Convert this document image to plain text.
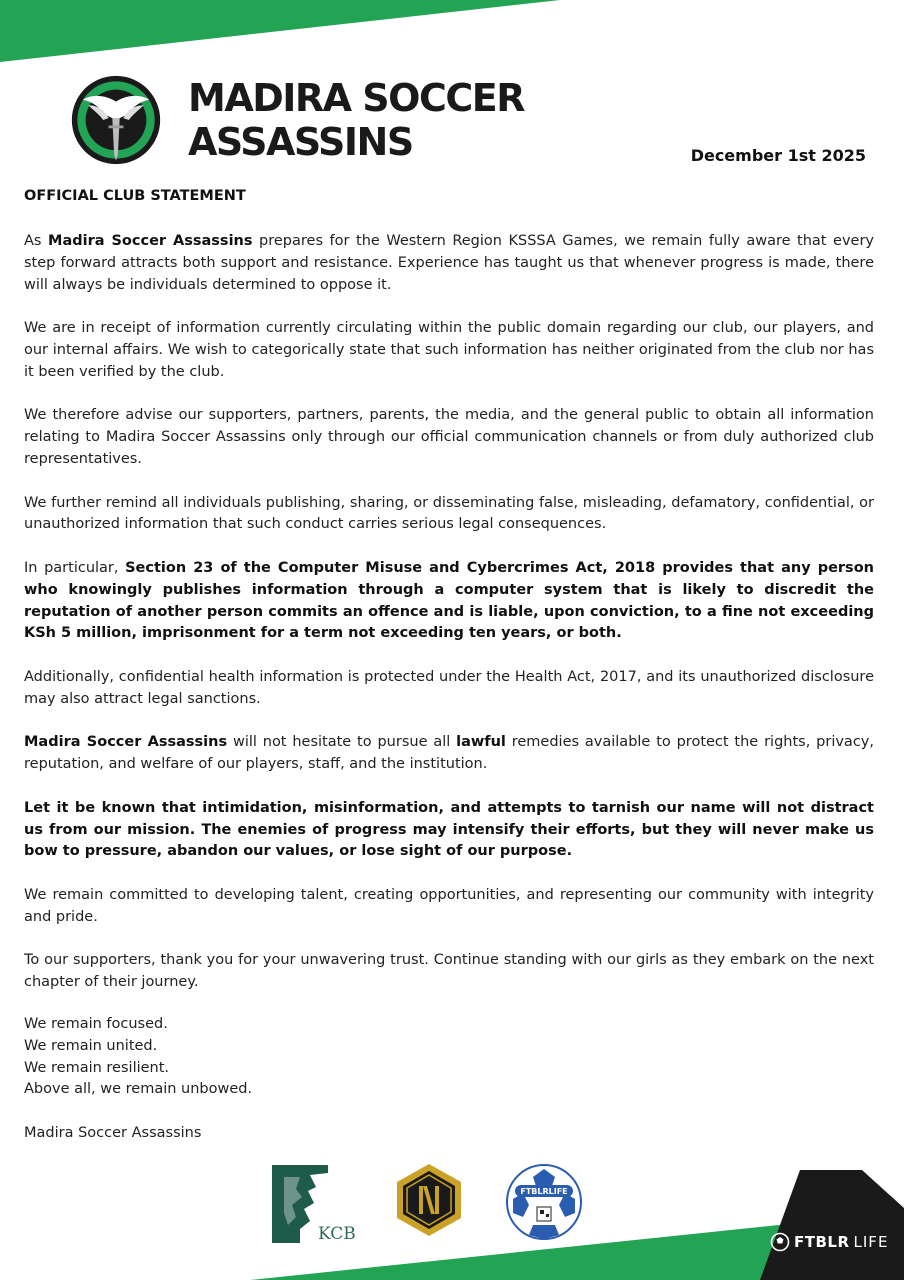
MADIRA SOCCER
ASSASSINS	December 1st 2025
OFFICIAL CLUB STATEMENT

As Madira Soccer Assassins prepares for the Western Region KSSSA Games, we remain fully aware that every step forward attracts both support and resistance. Experience has taught us that whenever progress is made, there will always be individuals determined to oppose it.

We are in receipt of information currently circulating within the public domain regarding our club, our players, and our internal affairs. We wish to categorically state that such information has neither originated from the club nor has it been verified by the club.

We therefore advise our supporters, partners, parents, the media, and the general public to obtain all information relating to Madira Soccer Assassins only through our official communication channels or from duly authorized club representatives.

We further remind all individuals publishing, sharing, or disseminating false, misleading, defamatory, confidential, or unauthorized information that such conduct carries serious legal consequences.

In particular, Section 23 of the Computer Misuse and Cybercrimes Act, 2018 provides that any person who knowingly publishes information through a computer system that is likely to discredit the reputation of another person commits an offence and is liable, upon conviction, to a fine not exceeding KSh 5 million, imprisonment for a term not exceeding ten years, or both.

Additionally, confidential health information is protected under the Health Act, 2017, and its unauthorized disclosure may also attract legal sanctions.

Madira Soccer Assassins will not hesitate to pursue all lawful remedies available to protect the rights, privacy, reputation, and welfare of our players, staff, and the institution.

Let it be known that intimidation, misinformation, and attempts to tarnish our name will not distract us from our mission. The enemies of progress may intensify their efforts, but they will never make us bow to pressure, abandon our values, or lose sight of our purpose.

We remain committed to developing talent, creating opportunities, and representing our community with integrity and pride.

To our supporters, thank you for your unwavering trust. Continue standing with our girls as they embark on the next chapter of their journey.

We remain focused.
We remain united.
We remain resilient.
Above all, we remain unbowed.
Madira Soccer Assassins
KCB
FTBLRLIFE
FTBLR LIFE
